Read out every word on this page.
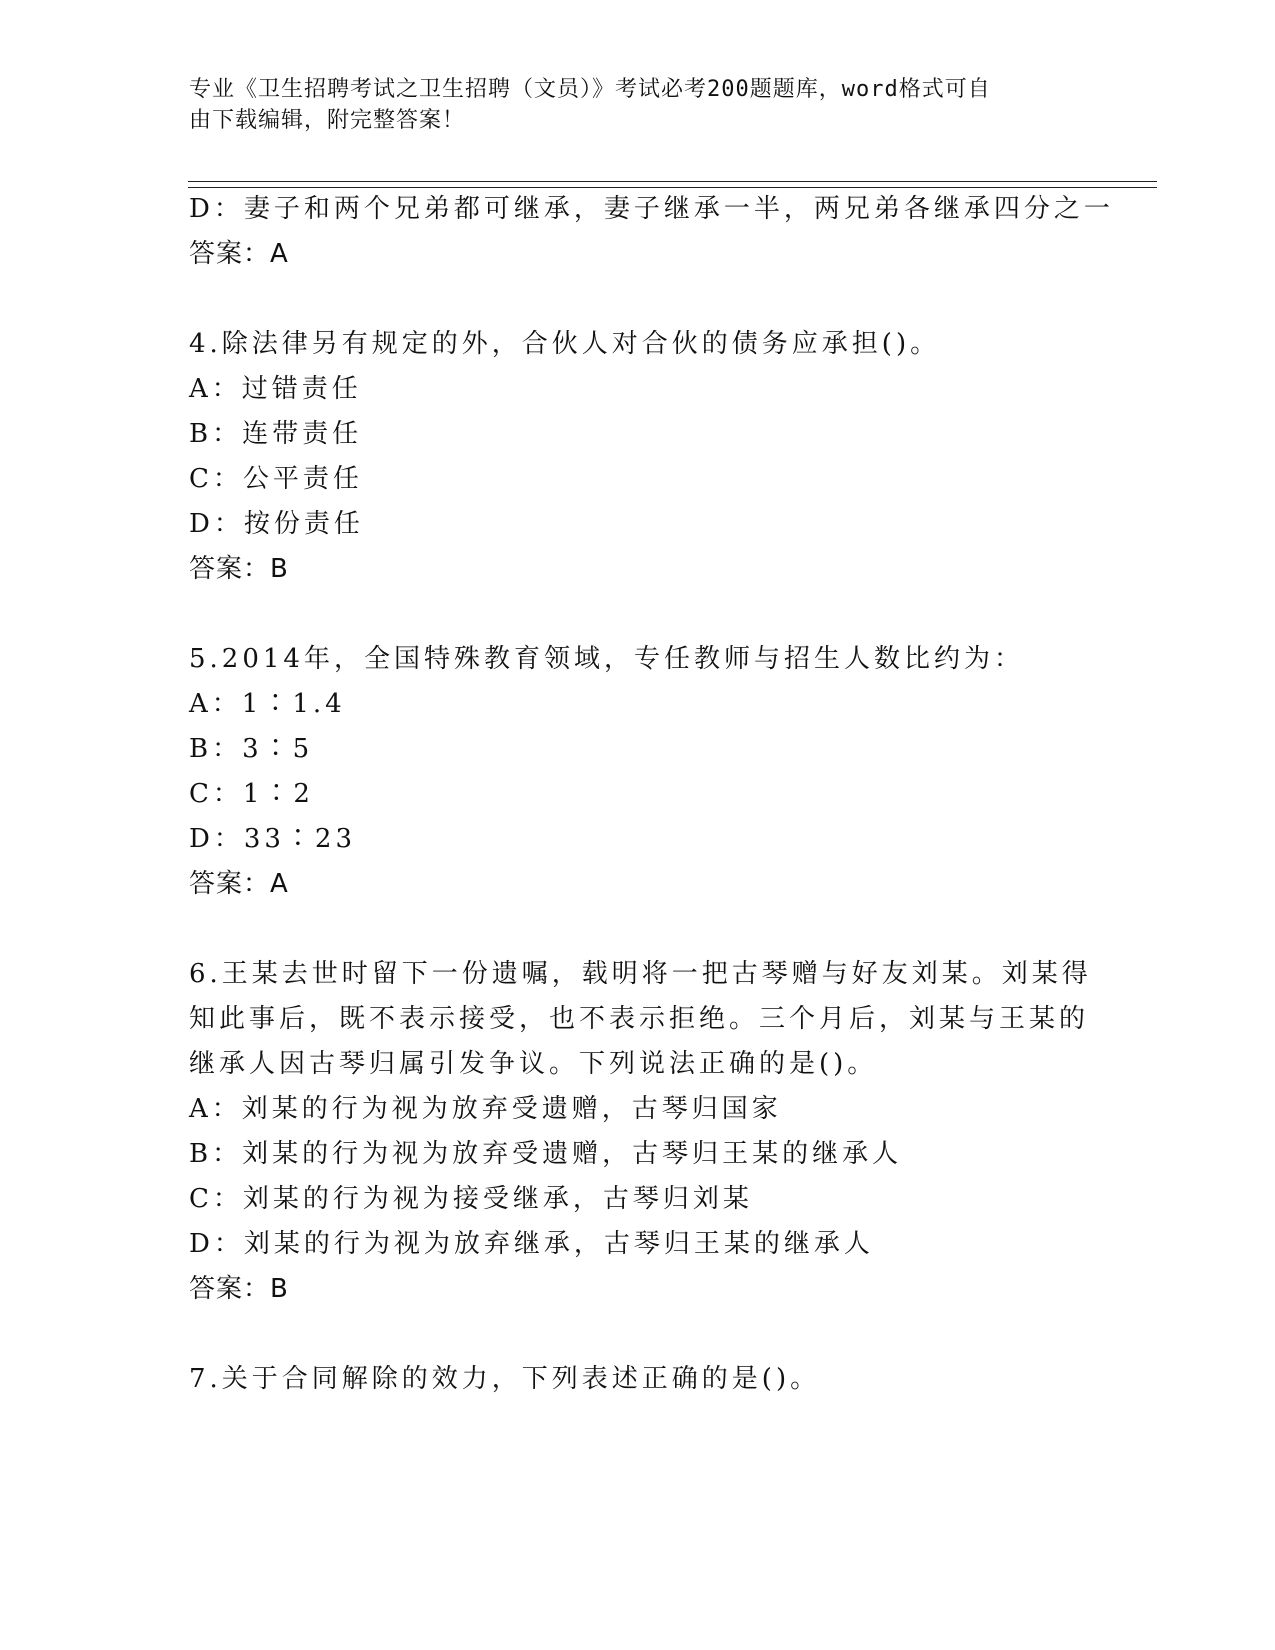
专业《卫生招聘考试之卫生招聘（文员）》考试必考200题题库，word格式可自
由下载编辑，附完整答案！
D：妻子和两个兄弟都可继承，妻子继承一半，两兄弟各继承四分之一
答案：A
4.除法律另有规定的外，合伙人对合伙的债务应承担()。
A：过错责任
B：连带责任
C：公平责任
D：按份责任
答案：B
5.2014年，全国特殊教育领域，专任教师与招生人数比约为：
A：1∶1.4
B：3∶5
C：1∶2
D：33∶23
答案：A
6.王某去世时留下一份遗嘱，载明将一把古琴赠与好友刘某。刘某得
知此事后，既不表示接受，也不表示拒绝。三个月后，刘某与王某的
继承人因古琴归属引发争议。下列说法正确的是()。
A：刘某的行为视为放弃受遗赠，古琴归国家
B：刘某的行为视为放弃受遗赠，古琴归王某的继承人
C：刘某的行为视为接受继承，古琴归刘某
D：刘某的行为视为放弃继承，古琴归王某的继承人
答案：B
7.关于合同解除的效力，下列表述正确的是()。
